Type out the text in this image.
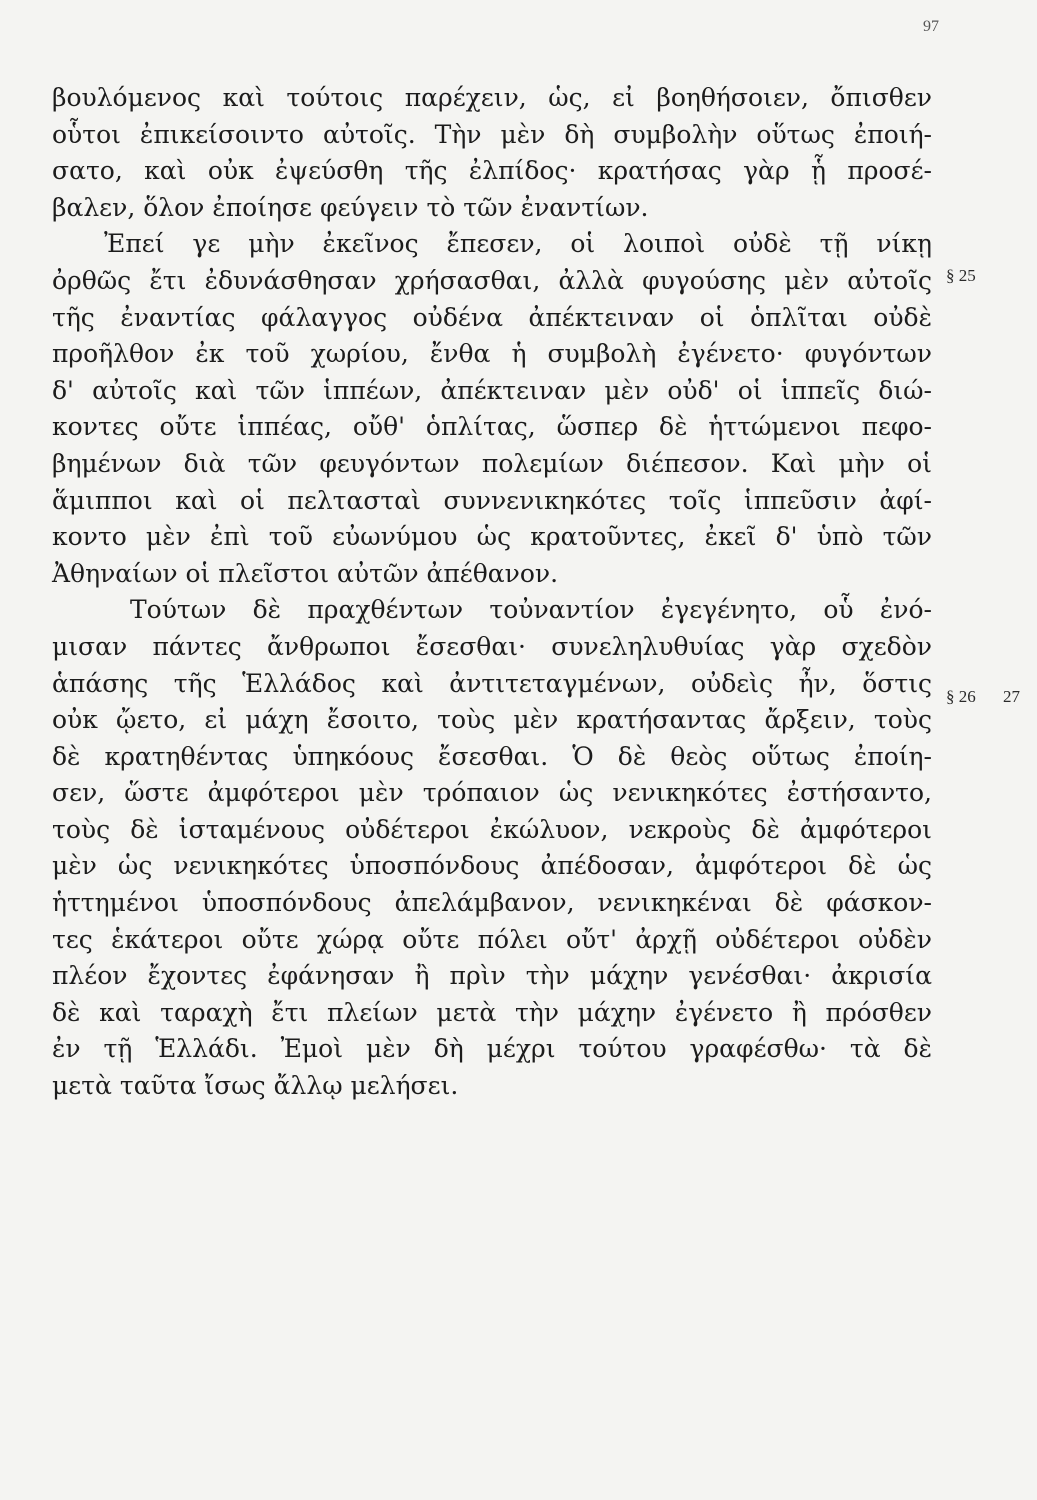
97
§ 25
§ 26 27
βουλόμενος καὶ τούτοις παρέχειν, ὡς, εἰ βοηθήσοιεν, ὄπισθεν
οὗτοι ἐπικείσοιντο αὐτοῖς. Τὴν μὲν δὴ συμβολὴν οὕτως ἐποιή-
σατο, καὶ οὐκ ἐψεύσθη τῆς ἐλπίδος· κρατήσας γὰρ ᾗ προσέ-
βαλεν, ὅλον ἐποίησε φεύγειν τὸ τῶν ἐναντίων.
Ἐπεί γε μὴν ἐκεῖνος ἔπεσεν, οἱ λοιποὶ οὐδὲ τῇ νίκῃ
ὀρθῶς ἔτι ἐδυνάσθησαν χρήσασθαι, ἀλλὰ φυγούσης μὲν αὐτοῖς
τῆς ἐναντίας φάλαγγος οὐδένα ἀπέκτειναν οἱ ὁπλῖται οὐδὲ
προῆλθον ἐκ τοῦ χωρίου, ἔνθα ἡ συμβολὴ ἐγένετο· φυγόντων
δ' αὐτοῖς καὶ τῶν ἱππέων, ἀπέκτειναν μὲν οὐδ' οἱ ἱππεῖς διώ-
κοντες οὔτε ἱππέας, οὔθ' ὁπλίτας, ὥσπερ δὲ ἡττώμενοι πεφο-
βημένων διὰ τῶν φευγόντων πολεμίων διέπεσον. Καὶ μὴν οἱ
ἅμιπποι καὶ οἱ πελτασταὶ συννενικηκότες τοῖς ἱππεῦσιν ἀφί-
κοντο μὲν ἐπὶ τοῦ εὐωνύμου ὡς κρατοῦντες, ἐκεῖ δ' ὑπὸ τῶν
Ἀθηναίων οἱ πλεῖστοι αὐτῶν ἀπέθανον.
Τούτων δὲ πραχθέντων τοὐναντίον ἐγεγένητο, οὗ ἐνό-
μισαν πάντες ἄνθρωποι ἔσεσθαι· συνεληλυθυίας γὰρ σχεδὸν
ἁπάσης τῆς Ἑλλάδος καὶ ἀντιτεταγμένων, οὐδεὶς ἦν, ὅστις
οὐκ ᾤετο, εἰ μάχη ἔσοιτο, τοὺς μὲν κρατήσαντας ἄρξειν, τοὺς
δὲ κρατηθέντας ὑπηκόους ἔσεσθαι. Ὁ δὲ θεὸς οὕτως ἐποίη-
σεν, ὥστε ἀμφότεροι μὲν τρόπαιον ὡς νενικηκότες ἐστήσαντο,
τοὺς δὲ ἱσταμένους οὐδέτεροι ἐκώλυον, νεκροὺς δὲ ἀμφότεροι
μὲν ὡς νενικηκότες ὑποσπόνδους ἀπέδοσαν, ἀμφότεροι δὲ ὡς
ἡττημένοι ὑποσπόνδους ἀπελάμβανον, νενικηκέναι δὲ φάσκον-
τες ἑκάτεροι οὔτε χώρᾳ οὔτε πόλει οὔτ' ἀρχῇ οὐδέτεροι οὐδὲν
πλέον ἔχοντες ἐφάνησαν ἢ πρὶν τὴν μάχην γενέσθαι· ἀκρισία
δὲ καὶ ταραχὴ ἔτι πλείων μετὰ τὴν μάχην ἐγένετο ἢ πρόσθεν
ἐν τῇ Ἑλλάδι. Ἐμοὶ μὲν δὴ μέχρι τούτου γραφέσθω· τὰ δὲ
μετὰ ταῦτα ἴσως ἄλλῳ μελήσει.
